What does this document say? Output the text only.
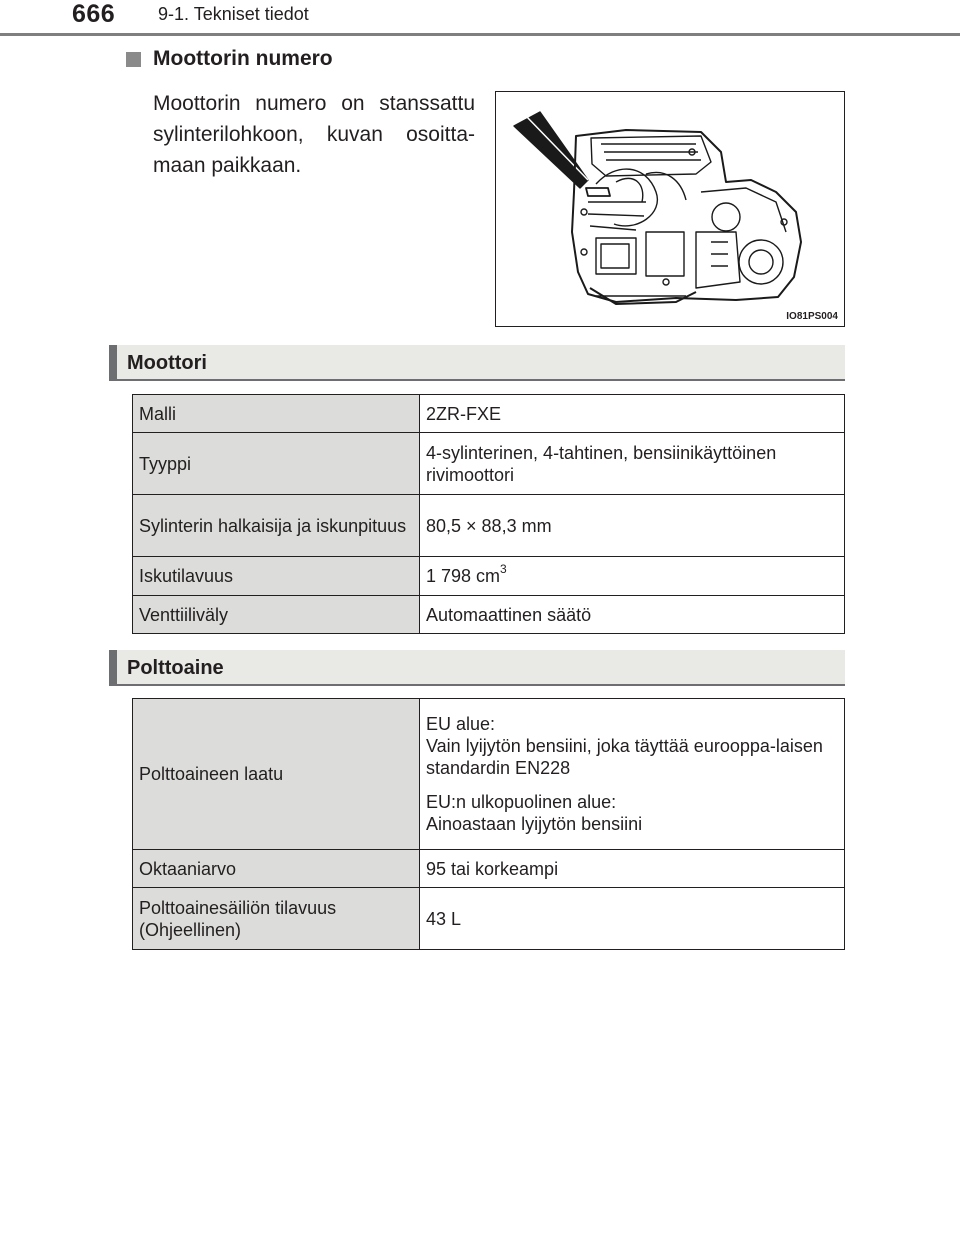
666 9-1. Tekniset tiedot
Moottorin numero
Moottorin numero on stanssattu sylinterilohkoon, kuvan osoitta-maan paikkaan.
IO81PS004
Moottori
Malli	2ZR-FXE
Tyyppi	4-sylinterinen, 4-tahtinen, bensiinikäyttöinen rivimoottori
Sylinterin halkaisija ja iskunpituus	80,5 × 88,3 mm
Iskutilavuus	1 798 $cm^3$
Venttiiliväly	Automaattinen säätö
Polttoaine
Polttoaineen laatu	EU alue:
Vain lyijytön bensiini, joka täyttää eurooppa-laisen standardin EN228

EU:n ulkopuolinen alue:
Ainoastaan lyijytön bensiini

Oktaaniarvo	95 tai korkeampi
Polttoainesäiliön tilavuus (Ohjeellinen)	43 L
